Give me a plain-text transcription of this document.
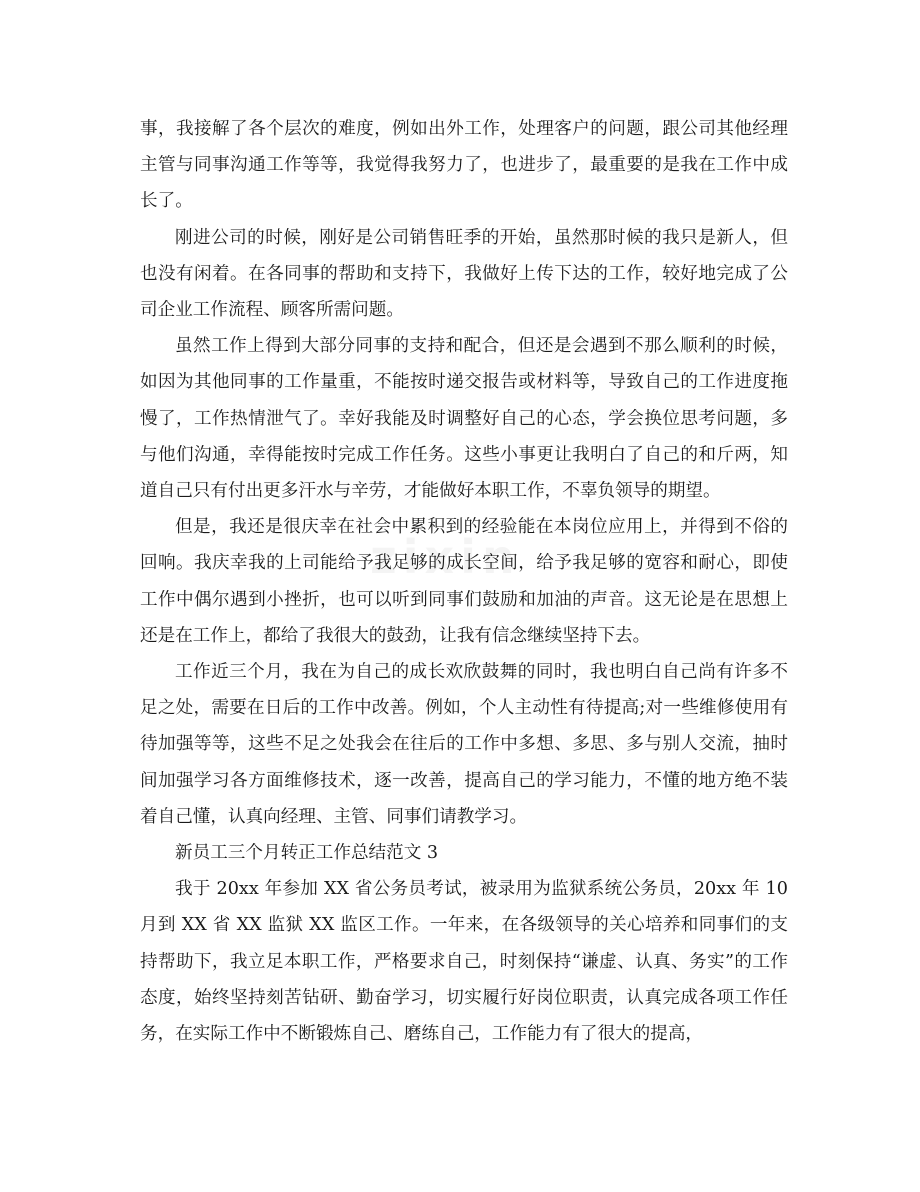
事，我接解了各个层次的难度，例如出外工作，处理客户的问题，跟公司其他经理主管与同事沟通工作等等，我觉得我努力了，也进步了，最重要的是我在工作中成长了。

刚进公司的时候，刚好是公司销售旺季的开始，虽然那时候的我只是新人，但也没有闲着。在各同事的帮助和支持下，我做好上传下达的工作，较好地完成了公司企业工作流程、顾客所需问题。

虽然工作上得到大部分同事的支持和配合，但还是会遇到不那么顺利的时候，如因为其他同事的工作量重，不能按时递交报告或材料等，导致自己的工作进度拖慢了，工作热情泄气了。幸好我能及时调整好自己的心态，学会换位思考问题，多与他们沟通，幸得能按时完成工作任务。这些小事更让我明白了自己的和斤两，知道自己只有付出更多汗水与辛劳，才能做好本职工作，不辜负领导的期望。

但是，我还是很庆幸在社会中累积到的经验能在本岗位应用上，并得到不俗的回响。我庆幸我的上司能给予我足够的成长空间，给予我足够的宽容和耐心，即使工作中偶尔遇到小挫折，也可以听到同事们鼓励和加油的声音。这无论是在思想上还是在工作上，都给了我很大的鼓劲，让我有信念继续坚持下去。

工作近三个月，我在为自己的成长欢欣鼓舞的同时，我也明白自己尚有许多不足之处，需要在日后的工作中改善。例如，个人主动性有待提高;对一些维修使用有待加强等等，这些不足之处我会在往后的工作中多想、多思、多与别人交流，抽时间加强学习各方面维修技术，逐一改善，提高自己的学习能力，不懂的地方绝不装着自己懂，认真向经理、主管、同事们请教学习。

新员工三个月转正工作总结范文 3

我于 20xx 年参加 XX 省公务员考试，被录用为监狱系统公务员，20xx 年 10 月到 XX 省 XX 监狱 XX 监区工作。一年来，在各级领导的关心培养和同事们的支持帮助下，我立足本职工作，严格要求自己，时刻保持“谦虚、认真、务实”的工作态度，始终坚持刻苦钻研、勤奋学习，切实履行好岗位职责，认真完成各项工作任务，在实际工作中不断锻炼自己、磨练自己，工作能力有了很大的提高，
